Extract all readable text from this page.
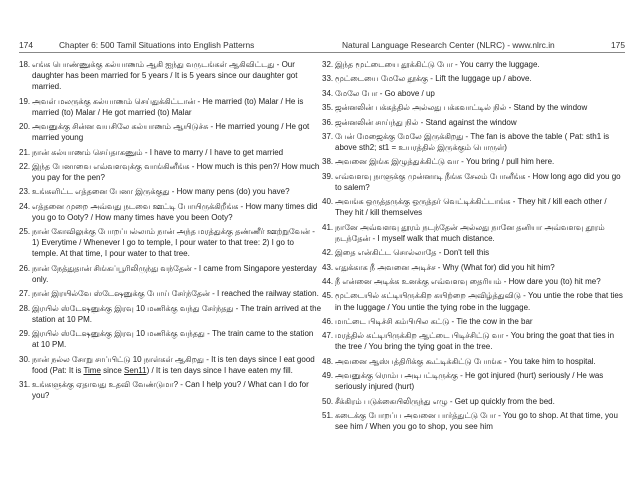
174	Chapter 6: 500 Tamil Situations into English Patterns
18. எங்க பொண்ணுக்கு கல்யாணம் ஆகி ஐந்து வருடங்கள் ஆகிவிட்டது - Our daughter has been married for 5 years / It is 5 years since our daughter got married.
19. அவள் மலருக்கு கல்யாணம் செய்துக்கிட்டான் - He married (to) Malar / He is married (to) Malar / He got married (to) Malar
20. அவனுக்கு சின்ன வயசிலே கல்யாணம் ஆயிடுச்சு - He married young / He got married young
21. நான் கல்யாணம் செய்தாகணும் - I have to marry / I have to get married
22. இந்த பேனாவை எவ்வளவுக்கு வாங்கினீங்க - How much is this pen?/ How much you pay for the pen?
23. உங்களிட்ட எத்தனை பேனா இருக்குது - How many pens (do) you have?
24. எத்தனை முறை அவ்வது நடவை ஊட்டி போயிருக்கிறீங்க - How many times did you go to Ooty? / How many times have you been Ooty?
25. நான் கோவிலுக்கு போறப்பல்லாம் நான் அந்த மரத்துக்கு தண்ணீர் ஊற்றுவேன் - 1) Everytime / Whenever I go to temple, I pour water to that tree: 2) I go to temple. At that time, I pour water to that tree.
26. நான் நேத்துதான் சிங்கப்பூரிலிருந்து வந்தேன் - I came from Singapore yesterday only.
27. நான் இரயில்வே ஸ்டேஷனுக்கு போய் சேர்ந்தேன் - I reached the railway station.
28. இரயில் ஸ்டேஷனுக்கு இரவு 10 மணிக்கு வந்து சேர்ந்தது - The train arrived at the station at 10 PM.
29. இரயில் ஸ்டேஷனுக்கு இரவு 10 மணிக்கு வந்தது - The train came to the station at 10 PM.
30. நான் நல்ல சோறு சாப்பிட்டு 10 நாள்கள் ஆகிறது - It is ten days since I eat good food (Pat: It is Time since Sen11) / It is ten days since I have eaten my fill.
31. உங்களுக்கு ஏதாவது உதவி வேண்டுமா? - Can I help you? / What can I do for you?
Natural Language Research Center (NLRC) - www.nlrc.in	175
32. இந்த மூட்டையை தூக்கிட்டு போ - You carry the luggage.
33. மூட்டையை மேலே தூக்கு - Lift the luggage up / above.
34. மேலே போ - Go above / up
35. ஜன்னலின் பக்கத்தில் அல்லது பக்கவாட்டில் நில் - Stand by the window
36. ஜன்னலின் சாய்ந்து நில் - Stand against the window
37. பேன் மேஜைக்கு மேலே இருக்கிறது - The fan is above the table ( Pat: sth1 is above sth2; st1 = உயரத்தில் இருக்கும் பொருள்)
38. அவனை இங்க இழுத்துக்கிட்டு வா - You bring / pull him here.
39. எவ்வளவு நாளுக்கு முன்னாடி நீங்க சேலம் போனீங்க - How long ago did you go to salem?
40. அவங்க ஒருத்தருக்கு ஒருத்தர் வெட்டிக்கிட்டாங்க - They hit / kill each other / They hit / kill themselves
41. நானே அவ்வளவு தூரம் நடந்தேன் அல்லது நானே தனியா அவ்வளவு தூரம் நடந்தேன் - I myself walk that much distance.
42. இதை என்கிட்ட சொல்லாதே - Don't tell this
43. எதுக்காக நீ அவனை அடிச்ச - Why (What for) did you hit him?
44. நீ என்னை அடிக்க உனக்கு எவ்வளவு தைரியம் - How dare you (to) hit me?
45. மூட்டையில் கட்டியிருக்கிற கயிற்றை அவிழ்த்துவிடு - You untie the robe that ties in the luggage / You untie the tying robe in the luggage.
46. மாட்டை பிடிச்சி கம்பியில கட்டு - Tie the cow in the bar
47. மரத்தில் கட்டியிருக்கிற ஆட்டை பிடிச்சிட்டு வா - You bring the goat that ties in the tree / You bring the tying goat in the tree.
48. அவனை ஆஸ்பத்திரிக்கு கூட்டிக்கிட்டு போங்க - You take him to hospital.
49. அவனுக்கு ரொம்ப அடிபட்டிருக்கு - He got injured (hurt) seriously / He was seriously injured (hurt)
50. சீக்கிரம் படுக்கையிலிருந்து எழு - Get up quickly from the bed.
51. கடைக்கு போறப்ப அவனை பார்த்துட்டு போ - You go to shop. At that time, you see him / When you go to shop, you see him
